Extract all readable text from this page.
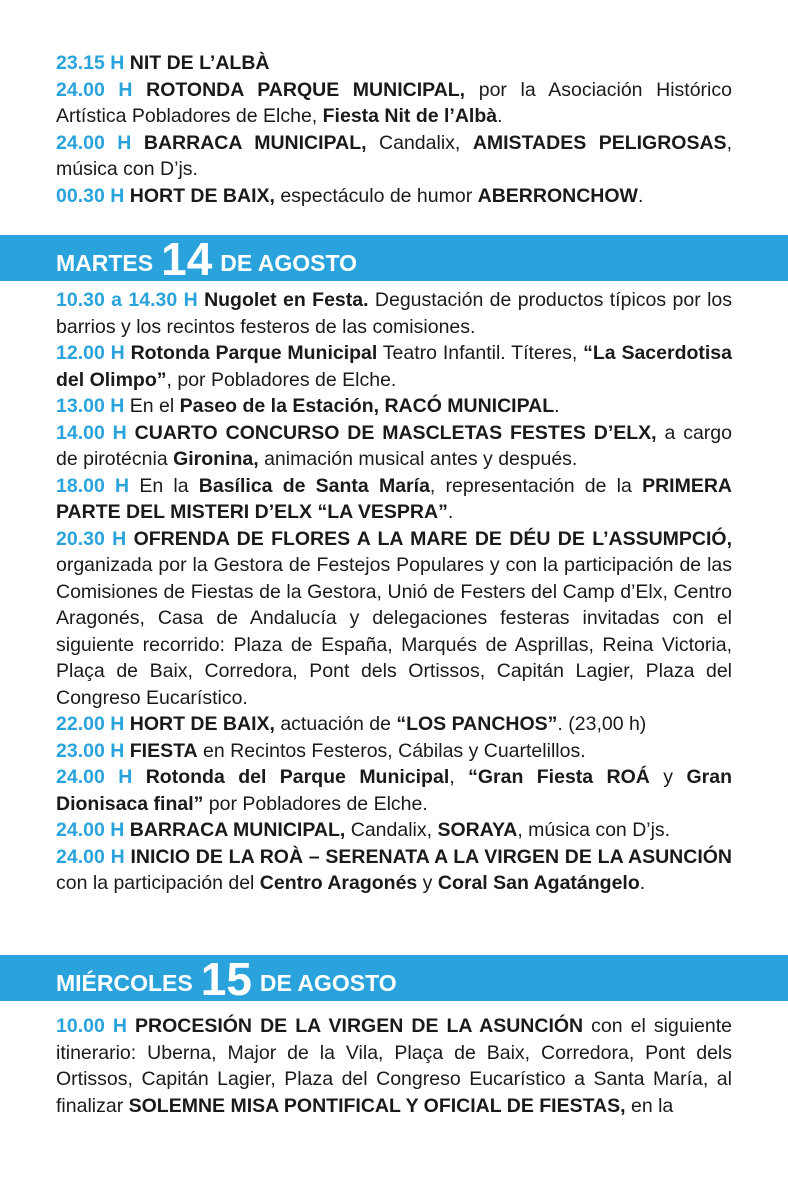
23.15 H NIT DE L’ALBÀ
24.00 H ROTONDA PARQUE MUNICIPAL, por la Asociación Histórico Artística Pobladores de Elche, Fiesta Nit de l’Albà.
24.00 H BARRACA MUNICIPAL, Candalix, AMISTADES PELIGROSAS, música con D’js.
00.30 H HORT DE BAIX, espectáculo de humor ABERRONCHOW.
MARTES 14 DE AGOSTO
10.30 a 14.30 H Nugolet en Festa. Degustación de productos típicos por los barrios y los recintos festeros de las comisiones.
12.00 H Rotonda Parque Municipal Teatro Infantil. Títeres, “La Sacerdotisa del Olimpo”, por Pobladores de Elche.
13.00 H En el Paseo de la Estación, RACÓ MUNICIPAL.
14.00 H CUARTO CONCURSO DE MASCLETAS FESTES D’ELX, a cargo de pirotécnia Gironina, animación musical antes y después.
18.00 H En la Basílica de Santa María, representación de la PRIMERA PARTE DEL MISTERI D’ELX “LA VESPRA”.
20.30 H OFRENDA DE FLORES A LA MARE DE DÉU DE L’ASSUMPCIÓ, organizada por la Gestora de Festejos Populares y con la participación de las Comisiones de Fiestas de la Gestora, Unió de Festers del Camp d’Elx, Centro Aragonés, Casa de Andalucía y delegaciones festeras invitadas con el siguiente recorrido: Plaza de España, Marqués de Asprillas, Reina Victoria, Plaça de Baix, Corredora, Pont dels Ortissos, Capitán Lagier, Plaza del Congreso Eucarístico.
22.00 H HORT DE BAIX, actuación de “LOS PANCHOS”. (23,00 h)
23.00 H FIESTA en Recintos Festeros, Cábilas y Cuartelillos.
24.00 H Rotonda del Parque Municipal, “Gran Fiesta ROÁ y Gran Dionisaca final” por Pobladores de Elche.
24.00 H BARRACA MUNICIPAL, Candalix, SORAYA, música con D’js.
24.00 H INICIO DE LA ROÀ – SERENATA A LA VIRGEN DE LA ASUNCIÓN con la participación del Centro Aragonés y Coral San Agatángelo.
MIÉRCOLES 15 DE AGOSTO
10.00 H PROCESIÓN DE LA VIRGEN DE LA ASUNCIÓN con el siguiente itinerario: Uberna, Major de la Vila, Plaça de Baix, Corredora, Pont dels Ortissos, Capitán Lagier, Plaza del Congreso Eucarístico a Santa María, al finalizar SOLEMNE MISA PONTIFICAL Y OFICIAL DE FIESTAS, en la
